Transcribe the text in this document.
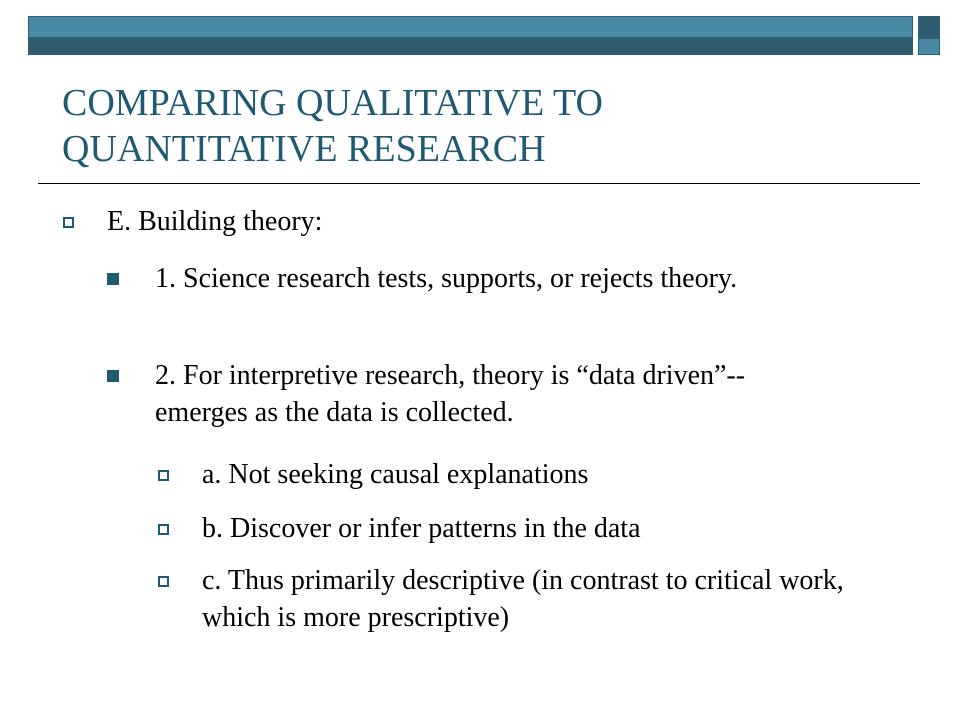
COMPARING QUALITATIVE TO
QUANTITATIVE RESEARCH
E. Building theory:
1. Science research tests, supports, or rejects theory.
2. For interpretive research, theory is “data driven”--emerges as the data is collected.
a. Not seeking causal explanations
b. Discover or infer patterns in the data
c. Thus primarily descriptive (in contrast to critical work, which is more prescriptive)
